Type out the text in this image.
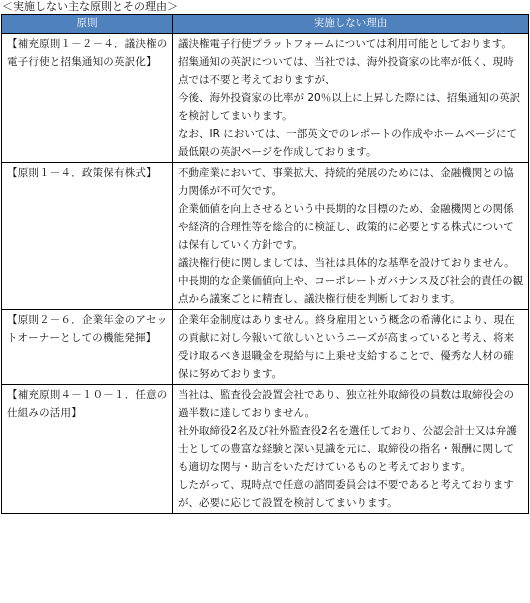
＜実施しない主な原則とその理由＞
原則	実施しない理由
【補充原則１－２－４．議決権の電子行使と招集通知の英訳化】	議決権電子行使プラットフォームについては利用可能としております。

招集通知の英訳については、当社では、海外投資家の比率が低く、現時点では不要と考えておりますが、

今後、海外投資家の比率が 20％以上に上昇した際には、招集通知の英訳を検討してまいります。

なお、IR においては、一部英文でのレポートの作成やホームページにて最低限の英訳ページを作成しております。

【原則１－４．政策保有株式】	不動産業において、事業拡大、持続的発展のためには、金融機関との協力関係が不可欠です。

企業価値を向上させるという中長期的な目標のため、金融機関との関係や経済的合理性等を総合的に検証し、政策的に必要とする株式については保有していく方針です。

議決権行使に関しましては、当社は具体的な基準を設けておりません。

中長期的な企業価値向上や、コーポレートガバナンス及び社会的責任の観点から議案ごとに精査し、議決権行使を判断しております。

【原則２－６．企業年金のアセットオーナーとしての機能発揮】	企業年金制度はありません。終身雇用という概念の希薄化により、現在の貢献に対し今報いて欲しいというニーズが高まっていると考え、将来受け取るべき退職金を現給与に上乗せ支給することで、優秀な人材の確保に努めております。

【補充原則４－１０－１．任意の仕組みの活用】	当社は、監査役会設置会社であり、独立社外取締役の員数は取締役会の過半数に達しておりません。

社外取締役2名及び社外監査役2名を選任しており、公認会計士又は弁護士としての豊富な経験と深い見識を元に、取締役の指名・報酬に関しても適切な関与・助言をいただけているものと考えております。

したがって、現時点で任意の諮問委員会は不要であると考えておりますが、必要に応じて設置を検討してまいります。
